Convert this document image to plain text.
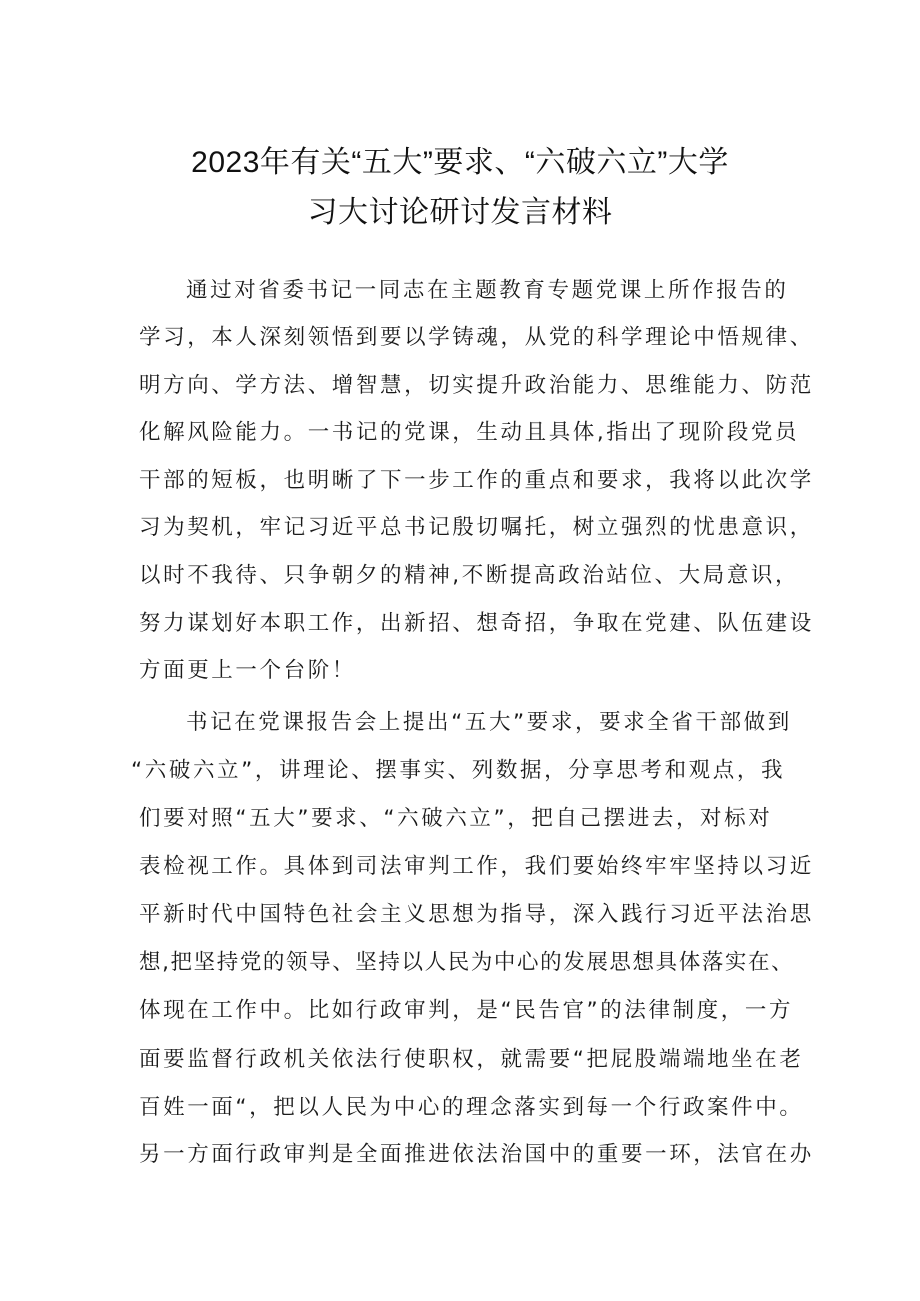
2023年有关“五大”要求、“六破六立”大学
习大讨论研讨发言材料
通过对省委书记一同志在主题教育专题党课上所作报告的
学习，本人深刻领悟到要以学铸魂，从党的科学理论中悟规律、
明方向、学方法、增智慧，切实提升政治能力、思维能力、防范
化解风险能力。一书记的党课，生动且具体,指出了现阶段党员
干部的短板，也明晰了下一步工作的重点和要求，我将以此次学
习为契机，牢记习近平总书记殷切嘱托，树立强烈的忧患意识，
以时不我待、只争朝夕的精神,不断提高政治站位、大局意识，
努力谋划好本职工作，出新招、想奇招，争取在党建、队伍建设
方面更上一个台阶！
书记在党课报告会上提出“五大”要求，要求全省干部做到
“六破六立”，讲理论、摆事实、列数据，分享思考和观点，我
们要对照“五大”要求、“六破六立”，把自己摆进去，对标对
表检视工作。具体到司法审判工作，我们要始终牢牢坚持以习近
平新时代中国特色社会主义思想为指导，深入践行习近平法治思
想,把坚持党的领导、坚持以人民为中心的发展思想具体落实在、
体现在工作中。比如行政审判，是“民告官”的法律制度，一方
面要监督行政机关依法行使职权，就需要“把屁股端端地坐在老
百姓一面“，把以人民为中心的理念落实到每一个行政案件中。
另一方面行政审判是全面推进依法治国中的重要一环，法官在办
